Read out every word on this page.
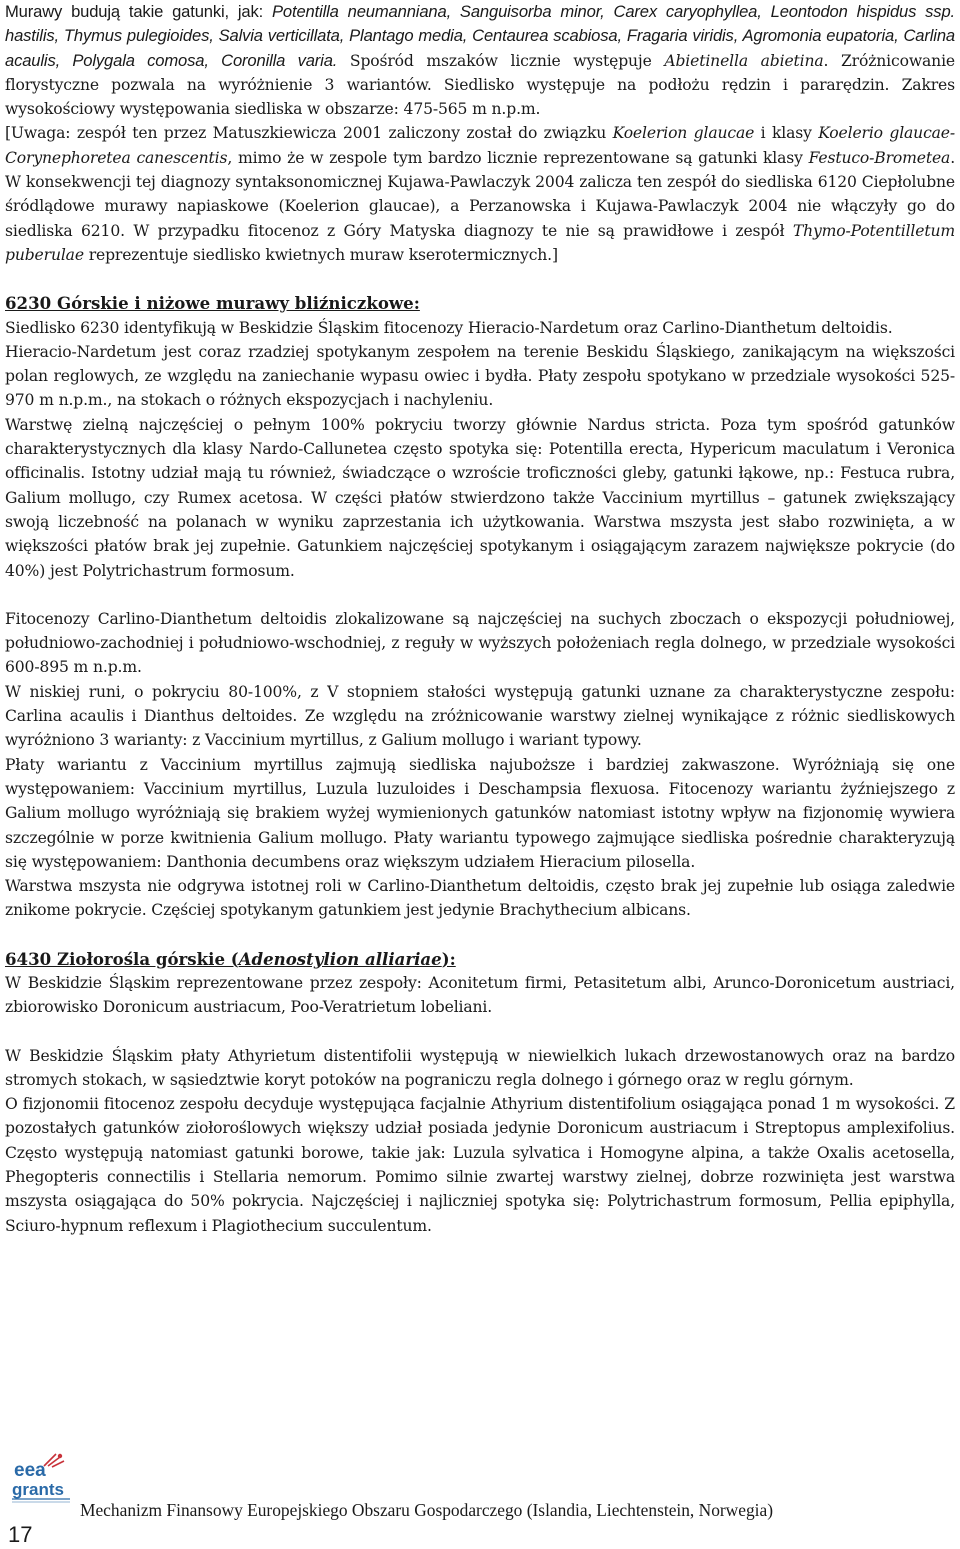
Murawy budują takie gatunki, jak: Potentilla neumanniana, Sanguisorba minor, Carex caryophyllea, Leontodon hispidus ssp. hastilis, Thymus pulegioides, Salvia verticillata, Plantago media, Centaurea scabiosa, Fragaria viridis, Agromonia eupatoria, Carlina acaulis, Polygala comosa, Coronilla varia. Spośród mszaków licznie występuje Abietinella abietina. Zróżnicowanie florystyczne pozwala na wyróżnienie 3 wariantów. Siedlisko występuje na podłożu rędzin i pararędzin. Zakres wysokościowy występowania siedliska w obszarze: 475-565 m n.p.m.

[Uwaga: zespół ten przez Matuszkiewicza 2001 zaliczony został do związku Koelerion glaucae i klasy Koelerio glaucae-Corynephoretea canescentis, mimo że w zespole tym bardzo licznie reprezentowane są gatunki klasy Festuco-Brometea. W konsekwencji tej diagnozy syntaksonomicznej Kujawa-Pawlaczyk 2004 zalicza ten zespół do siedliska 6120 Ciepłolubne śródlądowe murawy napiaskowe (Koelerion glaucae), a Perzanowska i Kujawa-Pawlaczyk 2004 nie włączyły go do siedliska 6210. W przypadku fitocenoz z Góry Matyska diagnozy te nie są prawidłowe i zespół Thymo-Potentilletum puberulae reprezentuje siedlisko kwietnych muraw kserotermicznych.]

6230 Górskie i niżowe murawy bliźniczkowe:

Siedlisko 6230 identyfikują w Beskidzie Śląskim fitocenozy Hieracio-Nardetum oraz Carlino-Dianthetum deltoidis.

Hieracio-Nardetum jest coraz rzadziej spotykanym zespołem na terenie Beskidu Śląskiego, zanikającym na większości polan reglowych, ze względu na zaniechanie wypasu owiec i bydła. Płaty zespołu spotykano w przedziale wysokości 525-970 m n.p.m., na stokach o różnych ekspozycjach i nachyleniu.

Warstwę zielną najczęściej o pełnym 100% pokryciu tworzy głównie Nardus stricta. Poza tym spośród gatunków charakterystycznych dla klasy Nardo-Callunetea często spotyka się: Potentilla erecta, Hypericum maculatum i Veronica officinalis. Istotny udział mają tu również, świadczące o wzroście troficzności gleby, gatunki łąkowe, np.: Festuca rubra, Galium mollugo, czy Rumex acetosa. W części płatów stwierdzono także Vaccinium myrtillus – gatunek zwiększający swoją liczebność na polanach w wyniku zaprzestania ich użytkowania. Warstwa mszysta jest słabo rozwinięta, a w większości płatów brak jej zupełnie. Gatunkiem najczęściej spotykanym i osiągającym zarazem największe pokrycie (do 40%) jest Polytrichastrum formosum.

Fitocenozy Carlino-Dianthetum deltoidis zlokalizowane są najczęściej na suchych zboczach o ekspozycji południowej, południowo-zachodniej i południowo-wschodniej, z reguły w wyższych położeniach regla dolnego, w przedziale wysokości 600-895 m n.p.m.

W niskiej runi, o pokryciu 80-100%, z V stopniem stałości występują gatunki uznane za charakterystyczne zespołu: Carlina acaulis i Dianthus deltoides. Ze względu na zróżnicowanie warstwy zielnej wynikające z różnic siedliskowych wyróżniono 3 warianty: z Vaccinium myrtillus, z Galium mollugo i wariant typowy.

Płaty wariantu z Vaccinium myrtillus zajmują siedliska najuboższe i bardziej zakwaszone. Wyróżniają się one występowaniem: Vaccinium myrtillus, Luzula luzuloides i Deschampsia flexuosa. Fitocenozy wariantu żyźniejszego z Galium mollugo wyróżniają się brakiem wyżej wymienionych gatunków natomiast istotny wpływ na fizjonomię wywiera szczególnie w porze kwitnienia Galium mollugo. Płaty wariantu typowego zajmujące siedliska pośrednie charakteryzują się występowaniem: Danthonia decumbens oraz większym udziałem Hieracium pilosella.

Warstwa mszysta nie odgrywa istotnej roli w Carlino-Dianthetum deltoidis, często brak jej zupełnie lub osiąga zaledwie znikome pokrycie. Częściej spotykanym gatunkiem jest jedynie Brachythecium albicans.

6430 Ziołorośla górskie (Adenostylion alliariae):

W Beskidzie Śląskim reprezentowane przez zespoły: Aconitetum firmi, Petasitetum albi, Arunco-Doronicetum austriaci, zbiorowisko Doronicum austriacum, Poo-Veratrietum lobeliani.

W Beskidzie Śląskim płaty Athyrietum distentifolii występują w niewielkich lukach drzewostanowych oraz na bardzo stromych stokach, w sąsiedztwie koryt potoków na pograniczu regla dolnego i górnego oraz w reglu górnym.

O fizjonomii fitocenoz zespołu decyduje występująca facjalnie Athyrium distentifolium osiągająca ponad 1 m wysokości. Z pozostałych gatunków ziołoroślowych większy udział posiada jedynie Doronicum austriacum i Streptopus amplexifolius. Często występują natomiast gatunki borowe, takie jak: Luzula sylvatica i Homogyne alpina, a także Oxalis acetosella, Phegopteris connectilis i Stellaria nemorum. Pomimo silnie zwartej warstwy zielnej, dobrze rozwinięta jest warstwa mszysta osiągająca do 50% pokrycia. Najczęściej i najliczniej spotyka się: Polytrichastrum formosum, Pellia epiphylla, Sciuro-hypnum reflexum i Plagiothecium succulentum.

eea
grants
Mechanizm Finansowy Europejskiego Obszaru Gospodarczego (Islandia, Liechtenstein, Norwegia)
17
